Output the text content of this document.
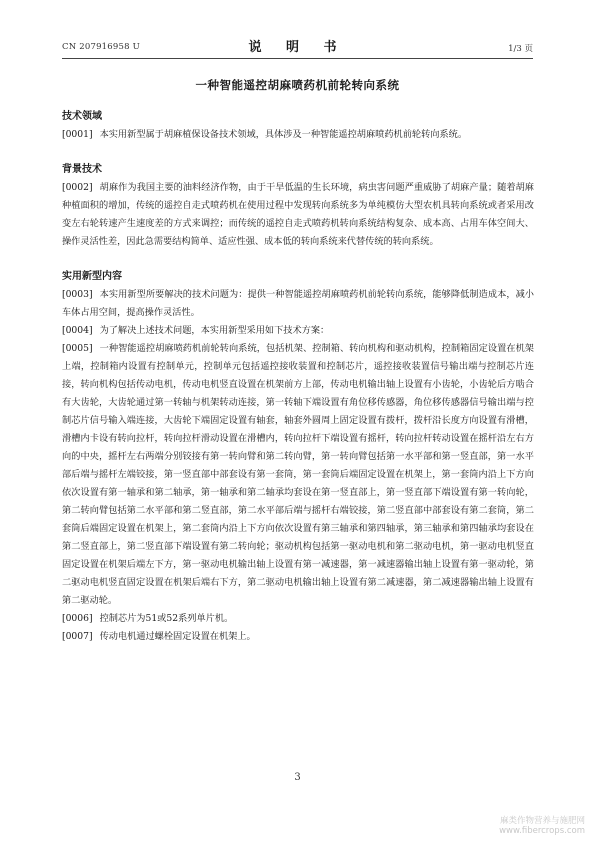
CN 207916958 U	说 明 书	1/3 页
一种智能遥控胡麻喷药机前轮转向系统

技术领域

[0001] 本实用新型属于胡麻植保设备技术领域，具体涉及一种智能遥控胡麻喷药机前轮转向系统。

背景技术

[0002] 胡麻作为我国主要的油料经济作物，由于干旱低温的生长环境，病虫害问题严重威胁了胡麻产量；随着胡麻种植面积的增加，传统的遥控自走式喷药机在使用过程中发现转向系统多为单纯模仿大型农机具转向系统或者采用改变左右轮转速产生速度差的方式来调控；而传统的遥控自走式喷药机转向系统结构复杂、成本高、占用车体空间大、操作灵活性差，因此急需要结构简单、适应性强、成本低的转向系统来代替传统的转向系统。

实用新型内容

[0003] 本实用新型所要解决的技术问题为：提供一种智能遥控胡麻喷药机前轮转向系统，能够降低制造成本，减小车体占用空间，提高操作灵活性。

[0004] 为了解决上述技术问题，本实用新型采用如下技术方案：

[0005] 一种智能遥控胡麻喷药机前轮转向系统，包括机架、控制箱、转向机构和驱动机构，控制箱固定设置在机架上端，控制箱内设置有控制单元，控制单元包括遥控接收装置和控制芯片，遥控接收装置信号输出端与控制芯片连接，转向机构包括传动电机，传动电机竖直设置在机架前方上部，传动电机输出轴上设置有小齿轮，小齿轮后方啮合有大齿轮，大齿轮通过第一转轴与机架转动连接，第一转轴下端设置有角位移传感器，角位移传感器信号输出端与控制芯片信号输入端连接，大齿轮下端固定设置有轴套，轴套外圆周上固定设置有拨杆，拨杆沿长度方向设置有滑槽，滑槽内卡设有转向拉杆，转向拉杆滑动设置在滑槽内，转向拉杆下端设置有摇杆，转向拉杆转动设置在摇杆沿左右方向的中央，摇杆左右两端分别铰接有第一转向臂和第二转向臂，第一转向臂包括第一水平部和第一竖直部，第一水平部后端与摇杆左端铰接，第一竖直部中部套设有第一套筒，第一套筒后端固定设置在机架上，第一套筒内沿上下方向依次设置有第一轴承和第二轴承，第一轴承和第二轴承均套设在第一竖直部上，第一竖直部下端设置有第一转向轮，第二转向臂包括第二水平部和第二竖直部，第二水平部后端与摇杆右端铰接，第二竖直部中部套设有第二套筒，第二套筒后端固定设置在机架上，第二套筒内沿上下方向依次设置有第三轴承和第四轴承，第三轴承和第四轴承均套设在第二竖直部上，第二竖直部下端设置有第二转向轮；驱动机构包括第一驱动电机和第二驱动电机，第一驱动电机竖直固定设置在机架后端左下方，第一驱动电机输出轴上设置有第一减速器，第一减速器输出轴上设置有第一驱动轮，第二驱动电机竖直固定设置在机架后端右下方，第二驱动电机输出轴上设置有第二减速器，第二减速器输出轴上设置有第二驱动轮。

[0006] 控制芯片为51或52系列单片机。

[0007] 传动电机通过螺栓固定设置在机架上。

3
麻类作物营养与施肥网
www.fibercrops.com
